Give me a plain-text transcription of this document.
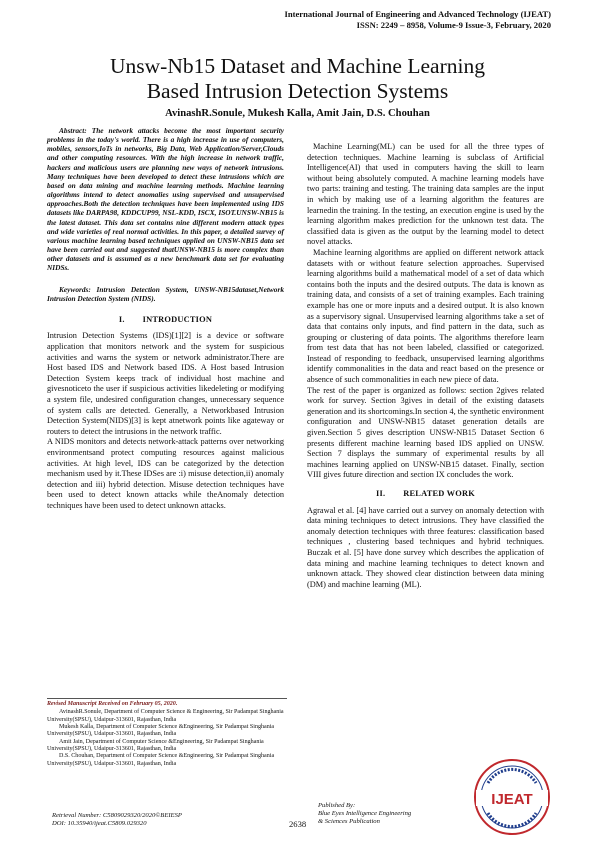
International Journal of Engineering and Advanced Technology (IJEAT)
ISSN: 2249 – 8958, Volume-9 Issue-3, February, 2020
Unsw-Nb15 Dataset and Machine Learning
Based Intrusion Detection Systems
AvinashR.Sonule, Mukesh Kalla, Amit Jain, D.S. Chouhan

Abstract: The network attacks become the most important security problems in the today's world. There is a high increase in use of computers, mobiles, sensors,IoTs in networks, Big Data, Web Application/Server,Clouds and other computing resources. With the high increase in network traffic, hackers and malicious users are planning new ways of network intrusions. Many techniques have been developed to detect these intrusions which are based on data mining and machine learning methods. Machine learning algorithms intend to detect anomalies using supervised and unsupervised approaches.Both the detection techniques have been implemented using IDS datasets like DARPA98, KDDCUP99, NSL-KDD, ISCX, ISOT.UNSW-NB15 is the latest dataset. This data set contains nine different modern attack types and wide varieties of real normal activities. In this paper, a detailed survey of various machine learning based techniques applied on UNSW-NB15 data set have been carried out and suggested thatUNSW-NB15 is more complex than other datasets and is assumed as a new benchmark data set for evaluating NIDSs.

Keywords: Intrusion Detection System, UNSW-NB15dataset,Network Intrusion Detection System (NIDS).

I. INTRODUCTION

Intrusion Detection Systems (IDS)[1][2] is a device or software application that monitors network and the system for suspicious activities and warns the system or network administrator.There are Host based IDS and Network based IDS. A Host based Intrusion Detection System keeps track of individual host machine and givesnoticeto the user if suspicious activities likedeleting or modifying a system file, undesired configuration changes, unnecessary sequence of system calls are detected. Generally, a Networkbased Intrusion Detection System(NIDS)[3] is kept atnetwork points like agateway or routers to detect the intrusions in the network traffic.

A NIDS monitors and detects network-attack patterns over networking environmentsand protect computing resources against malicious activities. At high level, IDS can be categorized by the detection mechanism used by it.These IDSes are :i) misuse detection,ii) anomaly detection and iii) hybrid detection. Misuse detection techniques have been used to detect known attacks while theAnomaly detection techniques have been used to detect unknown attacks.

Revised Manuscript Received on February 05, 2020.

AvinashR.Sonule, Department of Computer Science & Engineering, Sir Padampat Singhania University(SPSU), Udaipur-313601, Rajasthan, India

Mukesh Kalla, Department of Computer Science &Engineering, Sir Padampat Singhania University(SPSU), Udaipur-313601, Rajasthan, India

Amit Jain, Department of Computer Science &Engineering, Sir Padampat Singhania University(SPSU), Udaipur-313601, Rajasthan, India

D.S. Chouhan, Department of Computer Science &Engineering, Sir Padampat Singhania University(SPSU), Udaipur-313601, Rajasthan, India

Machine Learning(ML) can be used for all the three types of detection techniques. Machine learning is subclass of Artificial Intelligence(AI) that used in computers having the skill to learn without being absolutely computed. A machine learning models have two parts: training and testing. The training data samples are the input in which by making use of a learning algorithm the features are learnedin the training. In the testing, an execution engine is used by the learning algorithm makes prediction for the unknown test data. The classified data is given as the output by the learning model to detect novel attacks.

Machine learning algorithms are applied on different network attack datasets with or without feature selection approaches. Supervised learning algorithms build a mathematical model of a set of data which contains both the inputs and the desired outputs. The data is known as training data, and consists of a set of training examples. Each training example has one or more inputs and a desired output. It is also known as a supervisory signal. Unsupervised learning algorithms take a set of data that contains only inputs, and find pattern in the data, such as grouping or clustering of data points. The algorithms therefore learn from test data that has not been labeled, classified or categorized. Instead of responding to feedback, unsupervised learning algorithms identify commonalities in the data and react based on the presence or absence of such commonalities in each new piece of data.

The rest of the paper is organized as follows: section 2gives related work for survey. Section 3gives in detail of the existing datasets generation and its shortcomings.In section 4, the synthetic environment configuration and UNSW-NB15 dataset generation details are given.Section 5 gives description UNSW-NB15 Dataset Section 6 presents different machine learning based IDS applied on UNSW. Section 7 displays the summary of experimental results by all machines learning applied on UNSW-NB15 dataset. Finally, section VIII gives future direction and section IX concludes the work.

II. RELATED WORK

Agrawal et al. [4] have carried out a survey on anomaly detection with data mining techniques to detect intrusions. They have classified the anomaly detection techniques with three features: classification based techniques , clustering based techniques and hybrid techniques. Buczak et al. [5] have done survey which describes the application of data mining and machine learning techniques to detect known and unknown attack. They showed clear distinction between data mining (DM) and machine learning (ML).

Retrieval Number: C5809029320/2020©BEIESP
DOI: 10.35940/ijeat.C5809.029320	2638
Published By:
Blue Eyes Intelligence Engineering
& Sciences Publication
IJEAT
